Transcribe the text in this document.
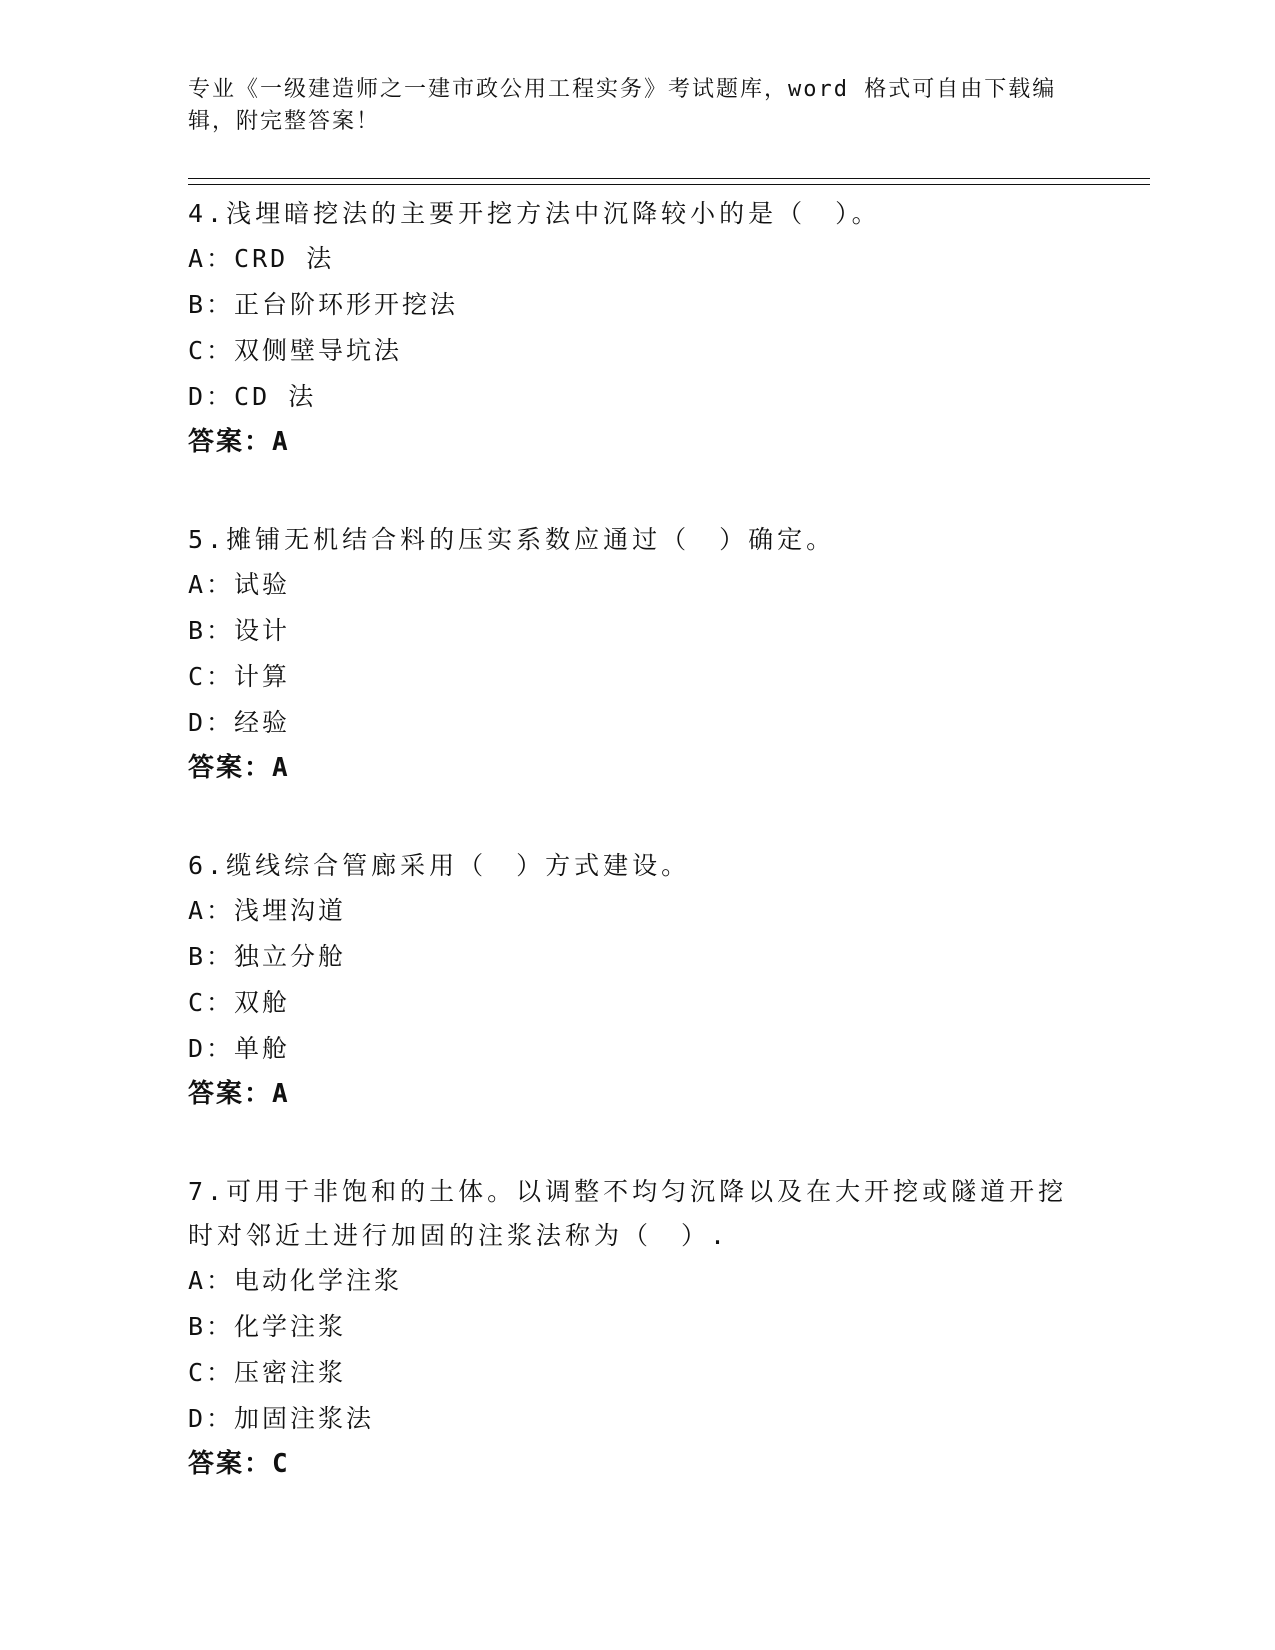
专业《一级建造师之一建市政公用工程实务》考试题库，word 格式可自由下载编辑，附完整答案！
4.浅埋暗挖法的主要开挖方法中沉降较小的是（　）。
A：CRD 法
B：正台阶环形开挖法
C：双侧壁导坑法
D：CD 法
答案：A
5.摊铺无机结合料的压实系数应通过（　）确定。
A：试验
B：设计
C：计算
D：经验
答案：A
6.缆线综合管廊采用（　）方式建设。
A：浅埋沟道
B：独立分舱
C：双舱
D：单舱
答案：A
7.可用于非饱和的土体。以调整不均匀沉降以及在大开挖或隧道开挖时对邻近土进行加固的注浆法称为（　）.
A：电动化学注浆
B：化学注浆
C：压密注浆
D：加固注浆法
答案：C
